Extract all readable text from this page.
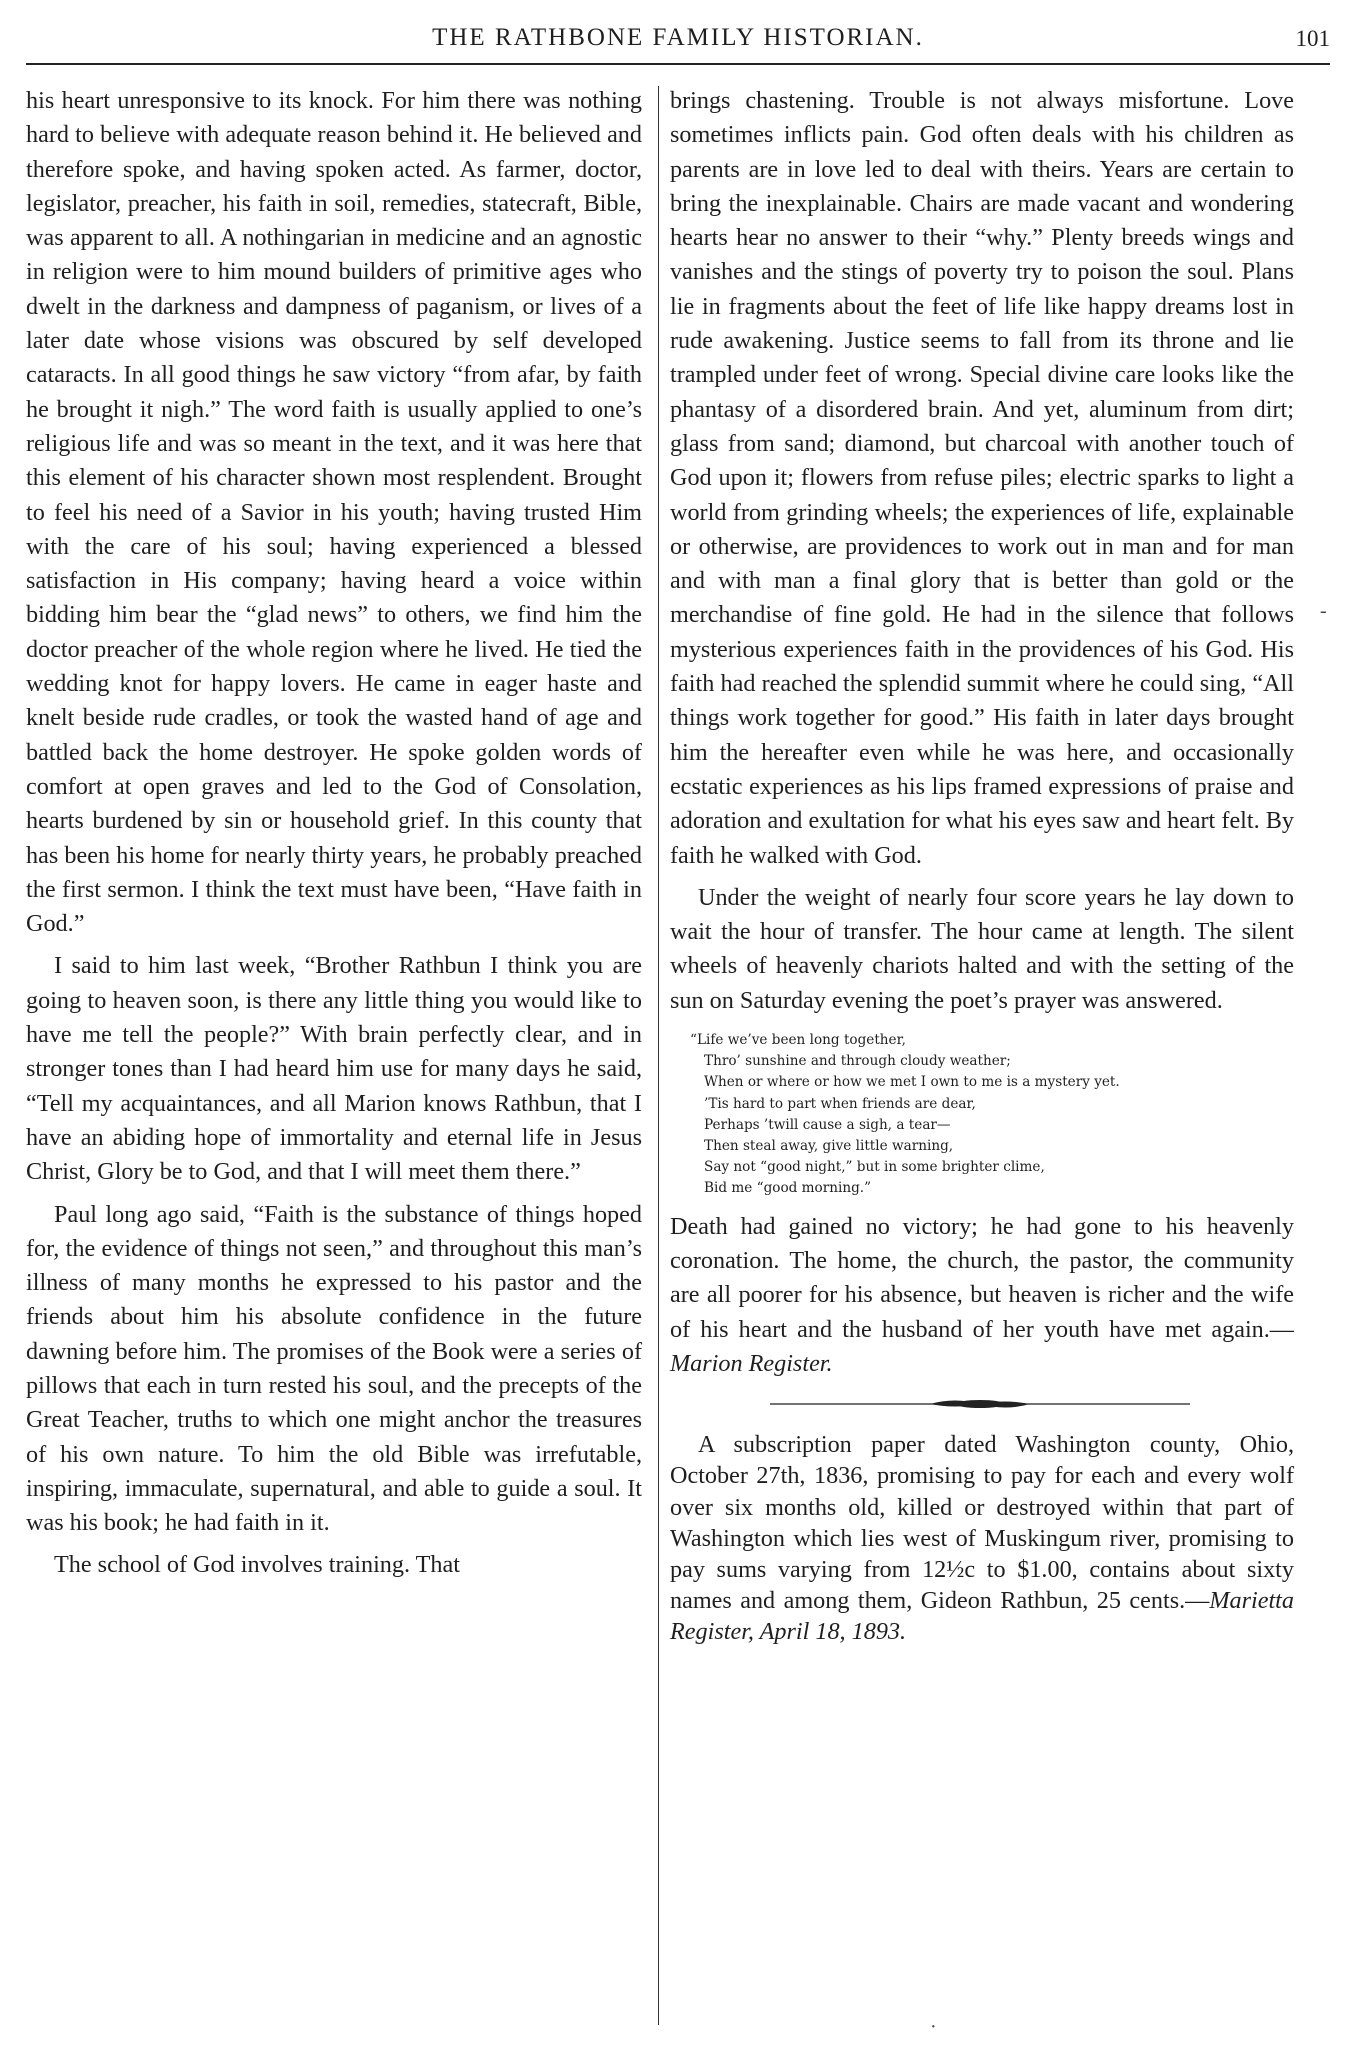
THE RATHBONE FAMILY HISTORIAN.	101

his heart unresponsive to its knock. For him there was nothing hard to believe with adequate reason behind it. He believed and therefore spoke, and having spoken acted. As farmer, doctor, legislator, preacher, his faith in soil, remedies, statecraft, Bible, was apparent to all. A nothingarian in medicine and an agnostic in religion were to him mound builders of primitive ages who dwelt in the darkness and dampness of paganism, or lives of a later date whose visions was obscured by self developed cataracts. In all good things he saw victory “from afar, by faith he brought it nigh.” The word faith is usually applied to one’s religious life and was so meant in the text, and it was here that this element of his character shown most resplendent. Brought to feel his need of a Savior in his youth; having trusted Him with the care of his soul; having experienced a blessed satisfaction in His company; having heard a voice within bidding him bear the “glad news” to others, we find him the doctor preacher of the whole region where he lived. He tied the wedding knot for happy lovers. He came in eager haste and knelt beside rude cradles, or took the wasted hand of age and battled back the home destroyer. He spoke golden words of comfort at open graves and led to the God of Consolation, hearts burdened by sin or household grief. In this county that has been his home for nearly thirty years, he probably preached the first sermon. I think the text must have been, “Have faith in God.”

I said to him last week, “Brother Rathbun I think you are going to heaven soon, is there any little thing you would like to have me tell the people?” With brain perfectly clear, and in stronger tones than I had heard him use for many days he said, “Tell my acquaintances, and all Marion knows Rathbun, that I have an abiding hope of immortality and eternal life in Jesus Christ, Glory be to God, and that I will meet them there.”

Paul long ago said, “Faith is the substance of things hoped for, the evidence of things not seen,” and throughout this man’s illness of many months he expressed to his pastor and the friends about him his absolute confidence in the future dawning before him. The promises of the Book were a series of pillows that each in turn rested his soul, and the precepts of the Great Teacher, truths to which one might anchor the treasures of his own nature. To him the old Bible was irrefutable, inspiring, immaculate, supernatural, and able to guide a soul. It was his book; he had faith in it.

The school of God involves training. That

brings chastening. Trouble is not always misfortune. Love sometimes inflicts pain. God often deals with his children as parents are in love led to deal with theirs. Years are certain to bring the inexplainable. Chairs are made vacant and wondering hearts hear no answer to their “why.” Plenty breeds wings and vanishes and the stings of poverty try to poison the soul. Plans lie in fragments about the feet of life like happy dreams lost in rude awakening. Justice seems to fall from its throne and lie trampled under feet of wrong. Special divine care looks like the phantasy of a disordered brain. And yet, aluminum from dirt; glass from sand; diamond, but charcoal with another touch of God upon it; flowers from refuse piles; electric sparks to light a world from grinding wheels; the experiences of life, explainable or otherwise, are providences to work out in man and for man and with man a final glory that is better than gold or the merchandise of fine gold. He had in the silence that follows mysterious experiences faith in the providences of his God. His faith had reached the splendid summit where he could sing, “All things work together for good.” His faith in later days brought him the hereafter even while he was here, and occasionally ecstatic experiences as his lips framed expressions of praise and adoration and exultation for what his eyes saw and heart felt. By faith he walked with God.

Under the weight of nearly four score years he lay down to wait the hour of transfer. The hour came at length. The silent wheels of heavenly chariots halted and with the setting of the sun on Saturday evening the poet’s prayer was answered.

“Life we’ve been long together,
Thro’ sunshine and through cloudy weather;
When or where or how we met I own to me is a mystery yet.
’Tis hard to part when friends are dear,
Perhaps ’twill cause a sigh, a tear—
Then steal away, give little warning,
Say not “good night,” but in some brighter clime,
Bid me “good morning.”

Death had gained no victory; he had gone to his heavenly coronation. The home, the church, the pastor, the community are all poorer for his absence, but heaven is richer and the wife of his heart and the husband of her youth have met again.—Marion Register.

A subscription paper dated Washington county, Ohio, October 27th, 1836, promising to pay for each and every wolf over six months old, killed or destroyed within that part of Washington which lies west of Muskingum river, promising to pay sums varying from 12½c to $1.00, contains about sixty names and among them, Gideon Rathbun, 25 cents.—Marietta Register, April 18, 1893.

-
·
